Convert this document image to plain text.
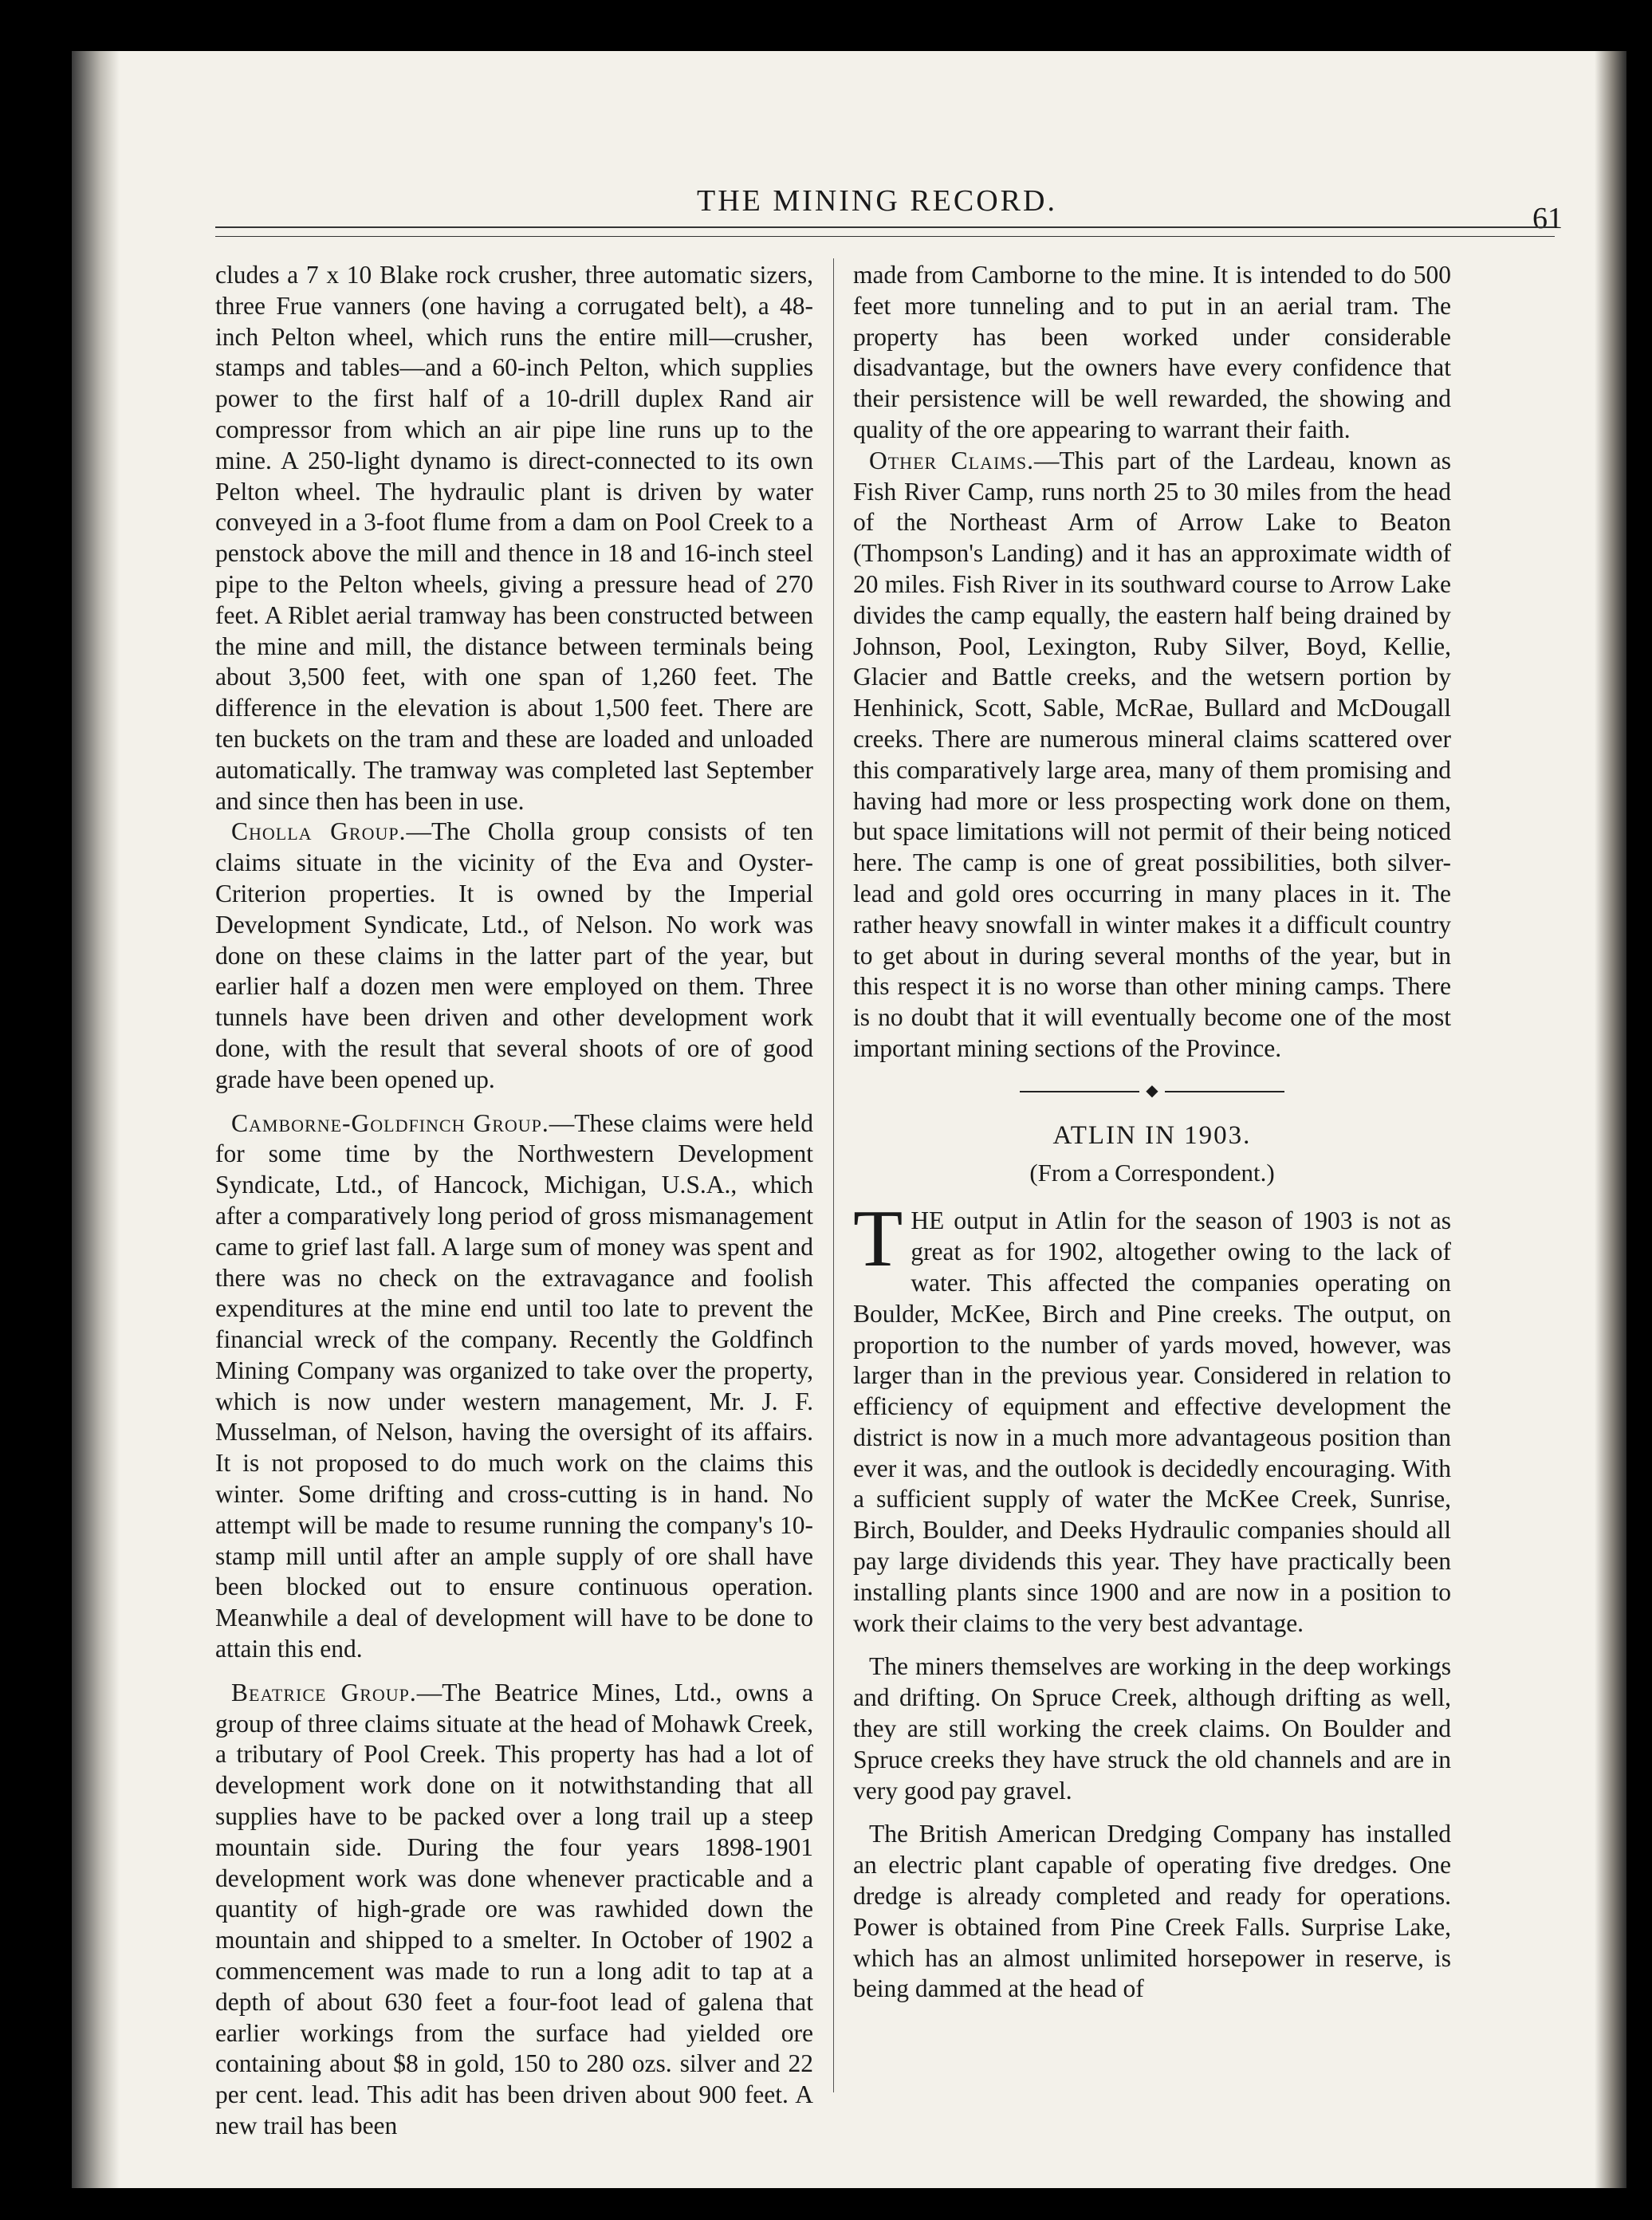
THE MINING RECORD.
61

cludes a 7 x 10 Blake rock crusher, three automatic sizers, three Frue vanners (one having a corrugated belt), a 48-inch Pelton wheel, which runs the entire mill—crusher, stamps and tables—and a 60-inch Pelton, which supplies power to the first half of a 10-drill duplex Rand air compressor from which an air pipe line runs up to the mine. A 250-light dynamo is direct-connected to its own Pelton wheel. The hydraulic plant is driven by water conveyed in a 3-foot flume from a dam on Pool Creek to a penstock above the mill and thence in 18 and 16-inch steel pipe to the Pelton wheels, giving a pressure head of 270 feet. A Riblet aerial tramway has been constructed between the mine and mill, the distance between terminals being about 3,500 feet, with one span of 1,260 feet. The difference in the elevation is about 1,500 feet. There are ten buckets on the tram and these are loaded and unloaded automatically. The tramway was completed last September and since then has been in use.

Cholla Group.—The Cholla group consists of ten claims situate in the vicinity of the Eva and Oyster-Criterion properties. It is owned by the Imperial Development Syndicate, Ltd., of Nelson. No work was done on these claims in the latter part of the year, but earlier half a dozen men were employed on them. Three tunnels have been driven and other development work done, with the result that several shoots of ore of good grade have been opened up.

Camborne-Goldfinch Group.—These claims were held for some time by the Northwestern Development Syndicate, Ltd., of Hancock, Michigan, U.S.A., which after a comparatively long period of gross mismanagement came to grief last fall. A large sum of money was spent and there was no check on the extravagance and foolish expenditures at the mine end until too late to prevent the financial wreck of the company. Recently the Goldfinch Mining Company was organized to take over the property, which is now under western management, Mr. J. F. Musselman, of Nelson, having the oversight of its affairs. It is not proposed to do much work on the claims this winter. Some drifting and cross-cutting is in hand. No attempt will be made to resume running the company's 10-stamp mill until after an ample supply of ore shall have been blocked out to ensure continuous operation. Meanwhile a deal of development will have to be done to attain this end.

Beatrice Group.—The Beatrice Mines, Ltd., owns a group of three claims situate at the head of Mohawk Creek, a tributary of Pool Creek. This property has had a lot of development work done on it notwithstanding that all supplies have to be packed over a long trail up a steep mountain side. During the four years 1898-1901 development work was done whenever practicable and a quantity of high-grade ore was rawhided down the mountain and shipped to a smelter. In October of 1902 a commencement was made to run a long adit to tap at a depth of about 630 feet a four-foot lead of galena that earlier workings from the surface had yielded ore containing about $8 in gold, 150 to 280 ozs. silver and 22 per cent. lead. This adit has been driven about 900 feet. A new trail has been

made from Camborne to the mine. It is intended to do 500 feet more tunneling and to put in an aerial tram. The property has been worked under considerable disadvantage, but the owners have every confidence that their persistence will be well rewarded, the showing and quality of the ore appearing to warrant their faith.

Other Claims.—This part of the Lardeau, known as Fish River Camp, runs north 25 to 30 miles from the head of the Northeast Arm of Arrow Lake to Beaton (Thompson's Landing) and it has an approximate width of 20 miles. Fish River in its southward course to Arrow Lake divides the camp equally, the eastern half being drained by Johnson, Pool, Lexington, Ruby Silver, Boyd, Kellie, Glacier and Battle creeks, and the wetsern portion by Henhinick, Scott, Sable, McRae, Bullard and McDougall creeks. There are numerous mineral claims scattered over this comparatively large area, many of them promising and having had more or less prospecting work done on them, but space limitations will not permit of their being noticed here. The camp is one of great possibilities, both silver-lead and gold ores occurring in many places in it. The rather heavy snowfall in winter makes it a difficult country to get about in during several months of the year, but in this respect it is no worse than other mining camps. There is no doubt that it will eventually become one of the most important mining sections of the Province.

◆
ATLIN IN 1903.
(From a Correspondent.)

THE output in Atlin for the season of 1903 is not as great as for 1902, altogether owing to the lack of water. This affected the companies operating on Boulder, McKee, Birch and Pine creeks. The output, on proportion to the number of yards moved, however, was larger than in the previous year. Considered in relation to efficiency of equipment and effective development the district is now in a much more advantageous position than ever it was, and the outlook is decidedly encouraging. With a sufficient supply of water the McKee Creek, Sunrise, Birch, Boulder, and Deeks Hydraulic companies should all pay large dividends this year. They have practically been installing plants since 1900 and are now in a position to work their claims to the very best advantage.

The miners themselves are working in the deep workings and drifting. On Spruce Creek, although drifting as well, they are still working the creek claims. On Boulder and Spruce creeks they have struck the old channels and are in very good pay gravel.

The British American Dredging Company has installed an electric plant capable of operating five dredges. One dredge is already completed and ready for operations. Power is obtained from Pine Creek Falls. Surprise Lake, which has an almost unlimited horsepower in reserve, is being dammed at the head of
